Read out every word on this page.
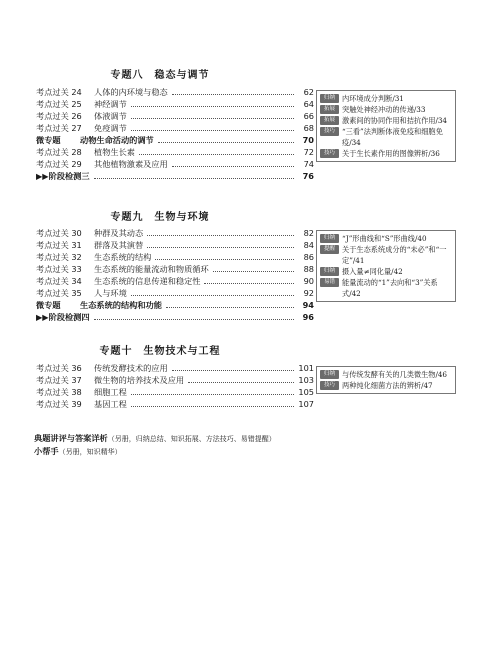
专题八　稳态与调节
考点过关 24	人体的内环境与稳态	62
考点过关 25	神经调节	64
考点过关 26	体液调节	66
考点过关 27	免疫调节	68
微专题	动物生命活动的调节	70
考点过关 28	植物生长素	72
考点过关 29	其他植物激素及应用	74
▶▶阶段检测三	76
归纳 内环境成分判断/31
拓展 突触处神经冲动的传递/33
拓展 激素间的协同作用和拮抗作用/34
技巧 “三看”法判断体液免疫和细胞免疫/34
技巧 关于生长素作用的图像辨析/36
专题九　生物与环境
考点过关 30	种群及其动态	82
考点过关 31	群落及其演替	84
考点过关 32	生态系统的结构	86
考点过关 33	生态系统的能量流动和物质循环	88
考点过关 34	生态系统的信息传递和稳定性	90
考点过关 35	人与环境	92
微专题	生态系统的结构和功能	94
▶▶阶段检测四	96
归纳 “J”形曲线和“S”形曲线/40
提醒 关于生态系统成分的“未必”和“一定”/41
归纳 摄入量≠同化量/42
易错 能量流动的“1”去向和“3”关系式/42
专题十　生物技术与工程
考点过关 36	传统发酵技术的应用	101
考点过关 37	微生物的培养技术及应用	103
考点过关 38	细胞工程	105
考点过关 39	基因工程	107
归纳 与传统发酵有关的几类微生物/46
技巧 两种纯化细菌方法的辨析/47
典题讲评与答案详析（另册，归纳总结、知识拓展、方法技巧、易错提醒）
小帮手（另册，知识精华）
